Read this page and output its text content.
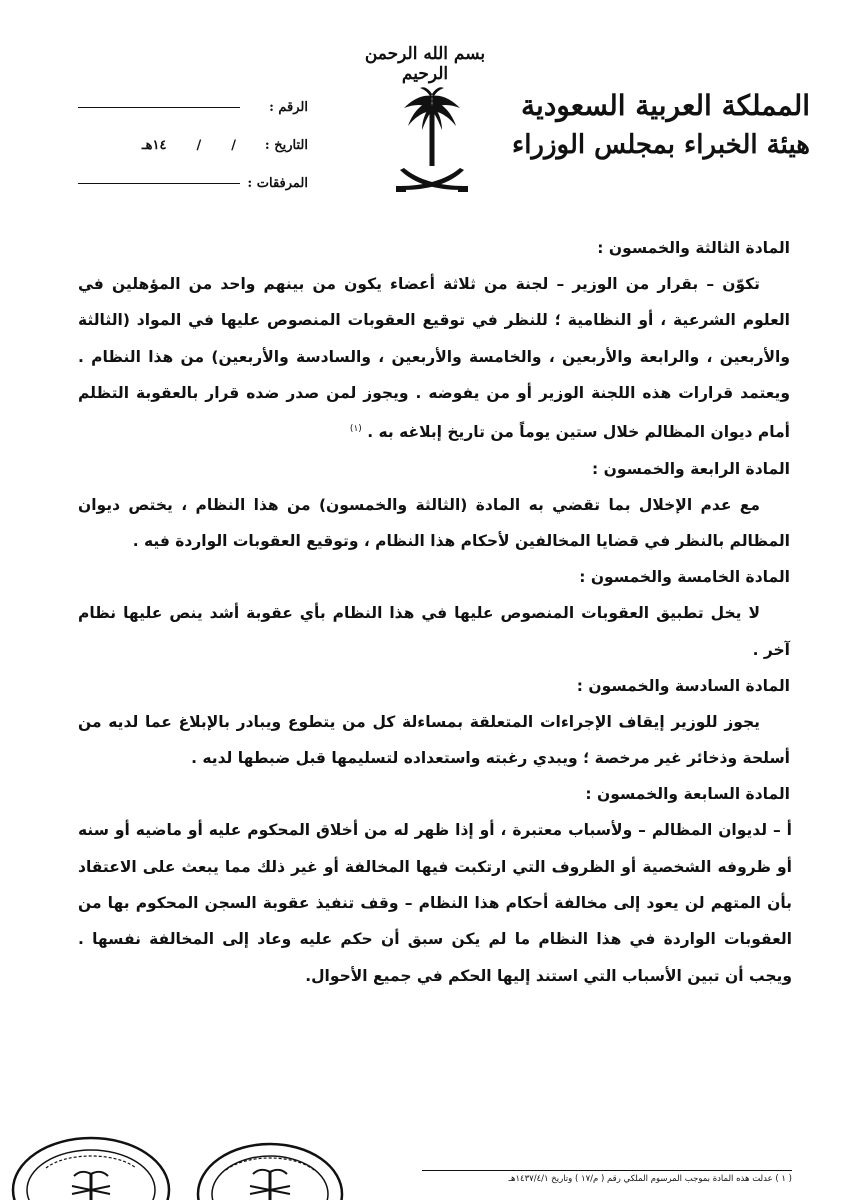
بسم الله الرحمن الرحيم
المملكة العربية السعودية
هيئة الخبراء بمجلس الوزراء
الرقم :
التاريخ :
/
/
١٤هـ
المرفقات :
المادة الثالثة والخمسون :

تكوّن – بقرار من الوزير – لجنة من ثلاثة أعضاء يكون من بينهم واحد من المؤهلين في العلوم الشرعية ، أو النظامية ؛ للنظر في توقيع العقوبات المنصوص عليها في المواد (الثالثة والأربعين ، والرابعة والأربعين ، والخامسة والأربعين ، والسادسة والأربعين) من هذا النظام . ويعتمد قرارات هذه اللجنة الوزير أو من يفوضه . ويجوز لمن صدر ضده قرار بالعقوبة التظلم أمام ديوان المظالم خلال ستين يوماً من تاريخ إبلاغه به . $^{(١)}$

المادة الرابعة والخمسون :

مع عدم الإخلال بما تقضي به المادة (الثالثة والخمسون) من هذا النظام ، يختص ديوان المظالم بالنظر في قضايا المخالفين لأحكام هذا النظام ، وتوقيع العقوبات الواردة فيه .

المادة الخامسة والخمسون :

لا يخل تطبيق العقوبات المنصوص عليها في هذا النظام بأي عقوبة أشد ينص عليها نظام آخر .

المادة السادسة والخمسون :

يجوز للوزير إيقاف الإجراءات المتعلقة بمساءلة كل من يتطوع ويبادر بالإبلاغ عما لديه من أسلحة وذخائر غير مرخصة ؛ ويبدي رغبته واستعداده لتسليمها قبل ضبطها لديه .

المادة السابعة والخمسون :

أ – لديوان المظالم – ولأسباب معتبرة ، أو إذا ظهر له من أخلاق المحكوم عليه أو ماضيه أو سنه أو ظروفه الشخصية أو الظروف التي ارتكبت فيها المخالفة أو غير ذلك مما يبعث على الاعتقاد بأن المتهم لن يعود إلى مخالفة أحكام هذا النظام – وقف تنفيذ عقوبة السجن المحكوم بها من العقوبات الواردة في هذا النظام ما لم يكن سبق أن حكم عليه وعاد إلى المخالفة نفسها . ويجب أن تبين الأسباب التي استند إليها الحكم في جميع الأحوال.

( ١ ) عدلت هذه المادة بموجب المرسوم الملكي رقم ( م/١٧ ) وتاريخ ١٤٣٧/٤/١هـ
